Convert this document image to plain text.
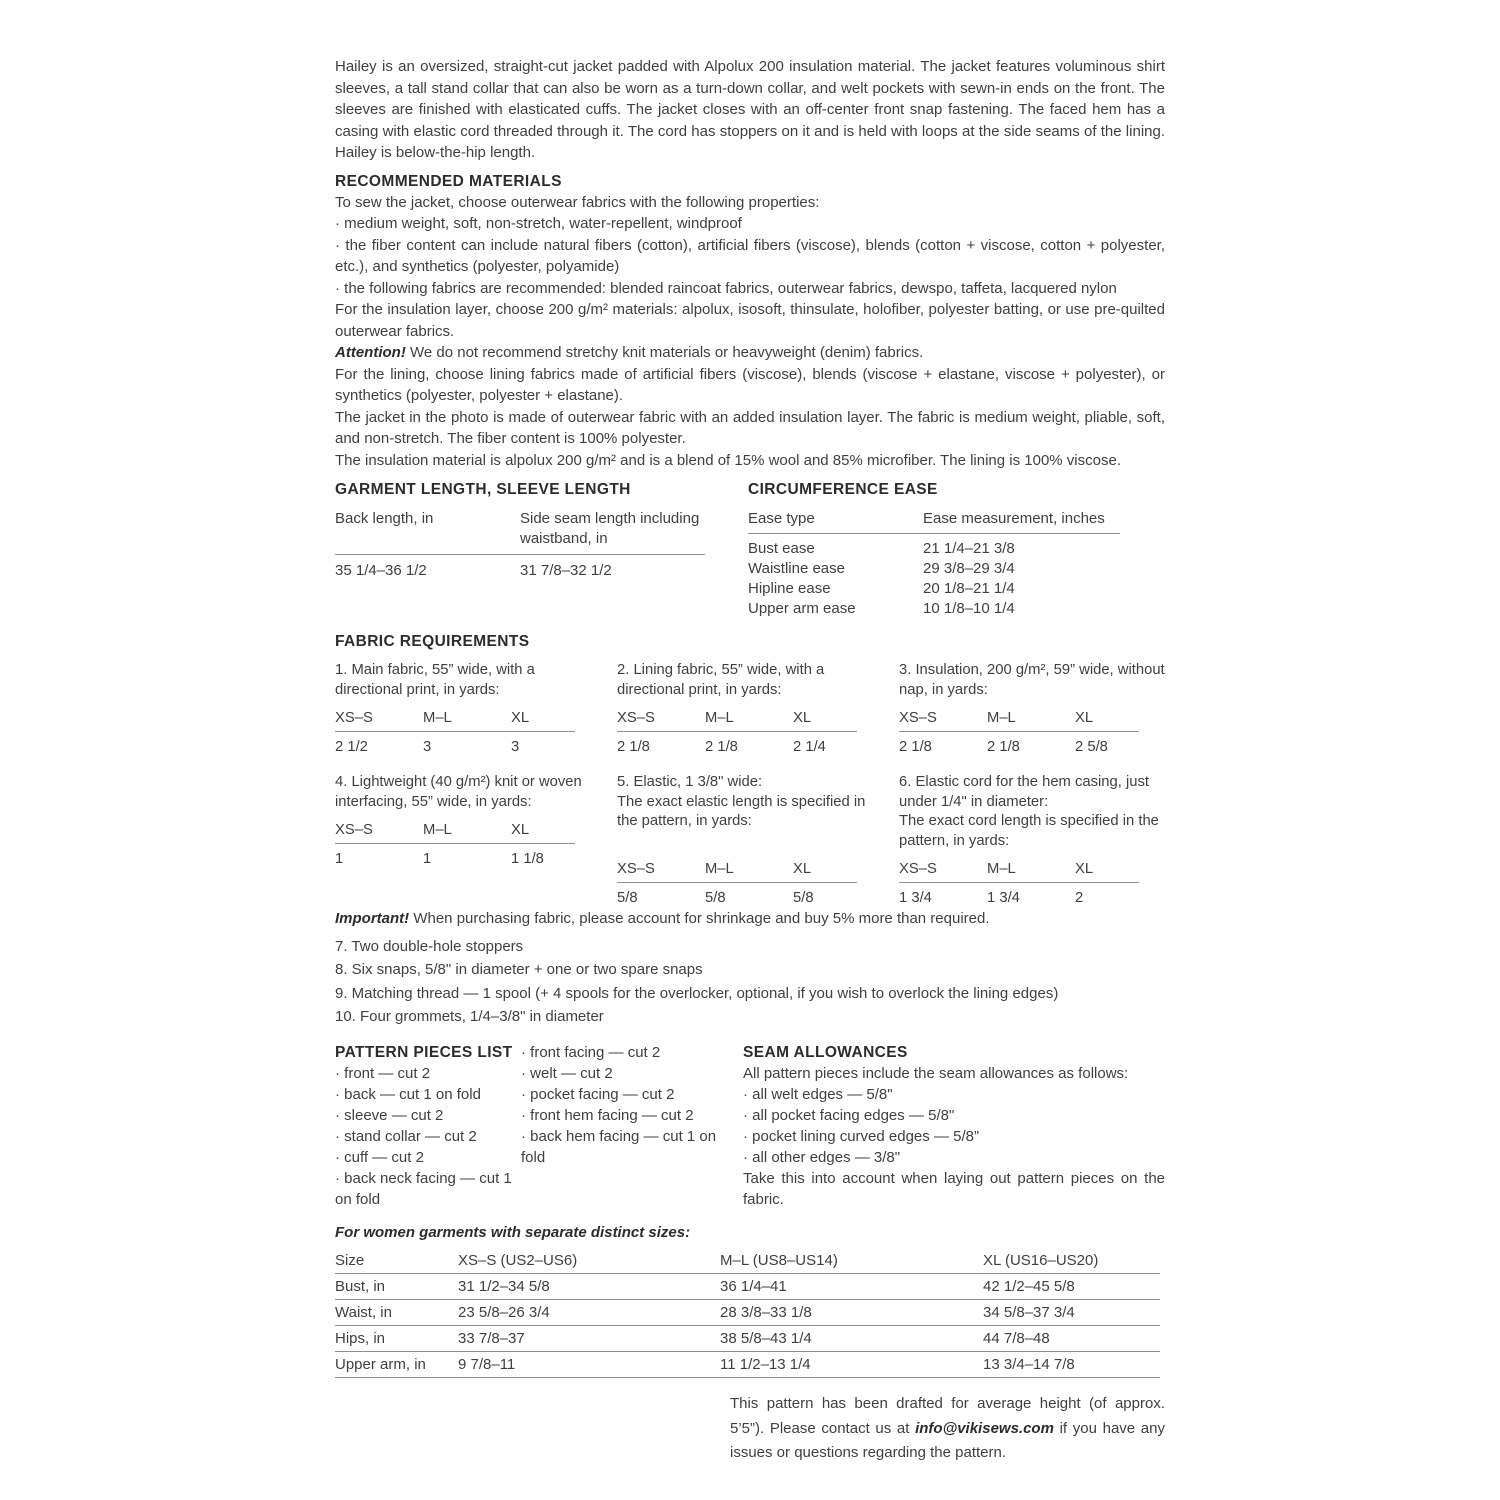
Hailey is an oversized, straight-cut jacket padded with Alpolux 200 insulation material. The jacket features voluminous shirt sleeves, a tall stand collar that can also be worn as a turn-down collar, and welt pockets with sewn-in ends on the front. The sleeves are finished with elasticated cuffs. The jacket closes with an off-center front snap fastening. The faced hem has a casing with elastic cord threaded through it. The cord has stoppers on it and is held with loops at the side seams of the lining. Hailey is below-the-hip length.

RECOMMENDED MATERIALS

To sew the jacket, choose outerwear fabrics with the following properties:

· medium weight, soft, non-stretch, water-repellent, windproof

· the fiber content can include natural fibers (cotton), artificial fibers (viscose), blends (cotton + viscose, cotton + polyester, etc.), and synthetics (polyester, polyamide)

· the following fabrics are recommended: blended raincoat fabrics, outerwear fabrics, dewspo, taffeta, lacquered nylon

For the insulation layer, choose 200 g/m² materials: alpolux, isosoft, thinsulate, holofiber, polyester batting, or use pre-quilted outerwear fabrics.

Attention! We do not recommend stretchy knit materials or heavyweight (denim) fabrics.

For the lining, choose lining fabrics made of artificial fibers (viscose), blends (viscose + elastane, viscose + polyester), or synthetics (polyester, polyester + elastane).

The jacket in the photo is made of outerwear fabric with an added insulation layer. The fabric is medium weight, pliable, soft, and non-stretch. The fiber content is 100% polyester.

The insulation material is alpolux 200 g/m² and is a blend of 15% wool and 85% microfiber. The lining is 100% viscose.

GARMENT LENGTH, SLEEVE LENGTH
Back length, in	Side seam length including waistband, in
35 1/4–36 1/2	31 7/8–32 1/2
CIRCUMFERENCE EASE
Ease type	Ease measurement, inches
Bust ease	21 1/4–21 3/8
Waistline ease	29 3/8–29 3/4
Hipline ease	20 1/8–21 1/4
Upper arm ease	10 1/8–10 1/4
FABRIC REQUIREMENTS

1. Main fabric, 55” wide, with a directional print, in yards:

XS–S	M–L	XL
2 1/2	3	3

2. Lining fabric, 55” wide, with a directional print, in yards:

XS–S	M–L	XL
2 1/8	2 1/8	2 1/4

3. Insulation, 200 g/m², 59” wide, without nap, in yards:

XS–S	M–L	XL
2 1/8	2 1/8	2 5/8

4. Lightweight (40 g/m²) knit or woven interfacing, 55” wide, in yards:

XS–S	M–L	XL
1	1	1 1/8

5. Elastic, 1 3/8" wide:

The exact elastic length is specified in the pattern, in yards:

XS–S	M–L	XL
5/8	5/8	5/8

6. Elastic cord for the hem casing, just under 1/4" in diameter:

The exact cord length is specified in the pattern, in yards:

XS–S	M–L	XL
1 3/4	1 3/4	2

Important! When purchasing fabric, please account for shrinkage and buy 5% more than required.

7. Two double-hole stoppers

8. Six snaps, 5/8" in diameter + one or two spare snaps

9. Matching thread — 1 spool (+ 4 spools for the overlocker, optional, if you wish to overlock the lining edges)

10. Four grommets, 1/4–3/8" in diameter

PATTERN PIECES LIST

· front — cut 2

· back — cut 1 on fold

· sleeve — cut 2

· stand collar — cut 2

· cuff — cut 2

· back neck facing — cut 1 on fold

· front facing — cut 2

· welt — cut 2

· pocket facing — cut 2

· front hem facing — cut 2

· back hem facing — cut 1 on fold

SEAM ALLOWANCES

All pattern pieces include the seam allowances as follows:

· all welt edges — 5/8"

· all pocket facing edges — 5/8"

· pocket lining curved edges — 5/8”

· all other edges — 3/8"

Take this into account when laying out pattern pieces on the fabric.

For women garments with separate distinct sizes:

Size	XS–S (US2–US6)	M–L (US8–US14)	XL (US16–US20)
Bust, in	31 1/2–34 5/8	36 1/4–41	42 1/2–45 5/8
Waist, in	23 5/8–26 3/4	28 3/8–33 1/8	34 5/8–37 3/4
Hips, in	33 7/8–37	38 5/8–43 1/4	44 7/8–48
Upper arm, in	9 7/8–11	11 1/2–13 1/4	13 3/4–14 7/8

This pattern has been drafted for average height (of approx. 5’5”). Please contact us at info@vikisews.com if you have any issues or questions regarding the pattern.
